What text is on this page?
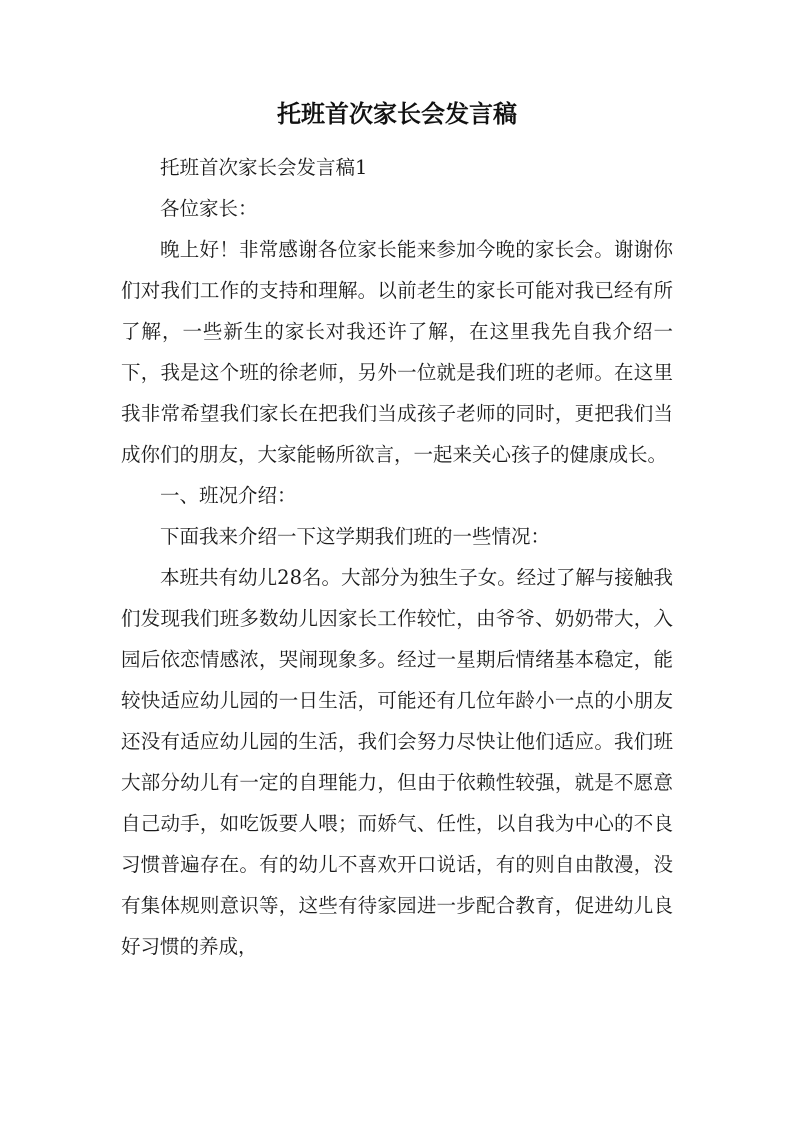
托班首次家长会发言稿

托班首次家长会发言稿1

各位家长：

晚上好！非常感谢各位家长能来参加今晚的家长会。谢谢你们对我们工作的支持和理解。以前老生的家长可能对我已经有所了解，一些新生的家长对我还许了解，在这里我先自我介绍一下，我是这个班的徐老师，另外一位就是我们班的老师。在这里我非常希望我们家长在把我们当成孩子老师的同时，更把我们当成你们的朋友，大家能畅所欲言，一起来关心孩子的健康成长。

一、班况介绍：

下面我来介绍一下这学期我们班的一些情况：

本班共有幼儿28名。大部分为独生子女。经过了解与接触我们发现我们班多数幼儿因家长工作较忙，由爷爷、奶奶带大，入园后依恋情感浓，哭闹现象多。经过一星期后情绪基本稳定，能较快适应幼儿园的一日生活，可能还有几位年龄小一点的小朋友还没有适应幼儿园的生活，我们会努力尽快让他们适应。我们班大部分幼儿有一定的自理能力，但由于依赖性较强，就是不愿意自己动手，如吃饭要人喂；而娇气、任性，以自我为中心的不良习惯普遍存在。有的幼儿不喜欢开口说话，有的则自由散漫，没有集体规则意识等，这些有待家园进一步配合教育，促进幼儿良好习惯的养成，
